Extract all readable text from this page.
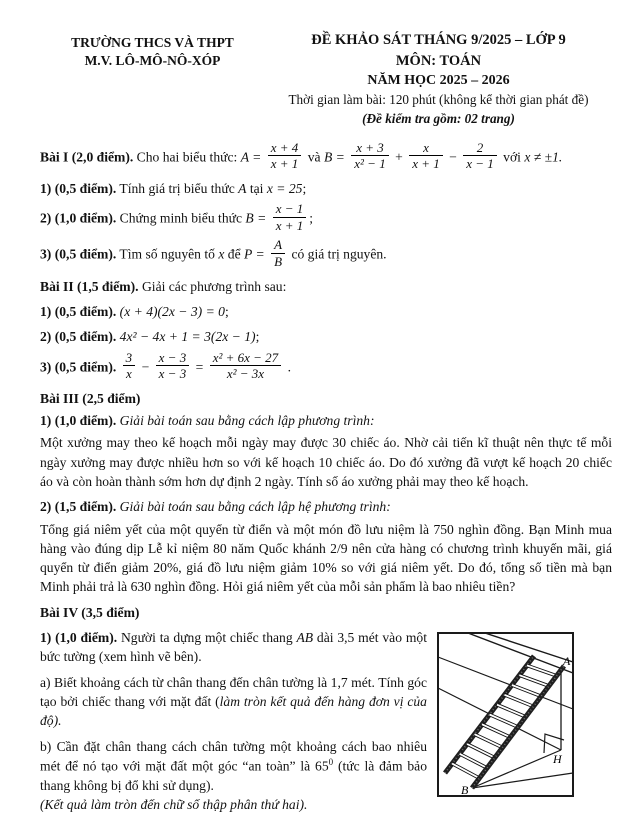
TRƯỜNG THCS VÀ THPT
M.V. LÔ-MÔ-NÔ-XÓP
ĐỀ KHẢO SÁT THÁNG 9/2025 – LỚP 9
MÔN: TOÁN
NĂM HỌC 2025 – 2026
Thời gian làm bài: 120 phút (không kể thời gian phát đề)
(Đề kiểm tra gồm: 02 trang)

Bài I (2,0 điểm). Cho hai biểu thức: $A = \frac{x + 4}{x + 1}$ và $B = \frac{x + 3}{\text{x² − 1}} + \frac{x}{x + 1} - \frac{2}{x - 1}$ với x ≠ ±1.

1) (0,5 điểm). Tính giá trị biểu thức A tại x = 25;

2) (1,0 điểm). Chứng minh biểu thức $B = \frac{x - 1}{x + 1}$ ;

3) (0,5 điểm). Tìm số nguyên tố x để $P = \frac{A}{B}$ có giá trị nguyên.

Bài II (1,5 điểm). Giải các phương trình sau:

1) (0,5 điểm). (x + 4)(2x − 3) = 0;

2) (0,5 điểm). 4x² − 4x + 1 = 3(2x − 1);

3) (0,5 điểm). $\frac{3}{x} - \frac{x - 3}{x - 3} = \frac{\text{x² + 6x − 27}}{\text{x² − 3x}}$ .

Bài III (2,5 điểm)

1) (1,0 điểm). Giải bài toán sau bằng cách lập phương trình:

Một xưởng may theo kế hoạch mỗi ngày may được 30 chiếc áo. Nhờ cải tiến kĩ thuật nên thực tế mỗi ngày xưởng may được nhiều hơn so với kế hoạch 10 chiếc áo. Do đó xưởng đã vượt kế hoạch 20 chiếc áo và còn hoàn thành sớm hơn dự định 2 ngày. Tính số áo xưởng phải may theo kế hoạch.

2) (1,5 điểm). Giải bài toán sau bằng cách lập hệ phương trình:

Tổng giá niêm yết của một quyển từ điển và một món đồ lưu niệm là 750 nghìn đồng. Bạn Minh mua hàng vào đúng dịp Lễ kỉ niệm 80 năm Quốc khánh 2/9 nên cửa hàng có chương trình khuyến mãi, giá quyển từ điển giảm 20%, giá đồ lưu niệm giảm 10% so với giá niêm yết. Do đó, tổng số tiền mà bạn Minh phải trả là 630 nghìn đồng. Hỏi giá niêm yết của mỗi sản phẩm là bao nhiêu tiền?

Bài IV (3,5 điểm)

A
B
H

1) (1,0 điểm). Người ta dựng một chiếc thang AB dài 3,5 mét vào một bức tường (xem hình vẽ bên).

a) Biết khoảng cách từ chân thang đến chân tường là 1,7 mét. Tính góc tạo bởi chiếc thang với mặt đất (làm tròn kết quả đến hàng đơn vị của độ).

b) Cần đặt chân thang cách chân tường một khoảng cách bao nhiêu mét để nó tạo với mặt đất một góc “an toàn” là $65^0$ (tức là đảm bảo thang không bị đổ khi sử dụng).

(Kết quả làm tròn đến chữ số thập phân thứ hai).
